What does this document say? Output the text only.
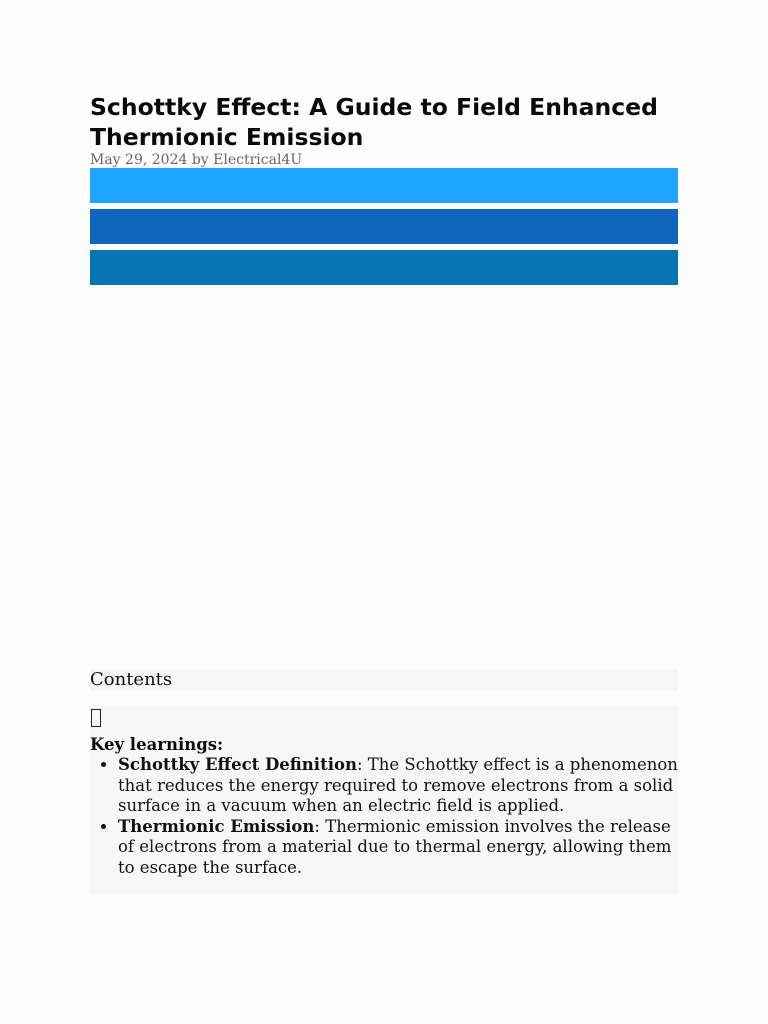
Schottky Effect: A Guide to Field Enhanced Thermionic Emission
May 29, 2024 by Electrical4U
Contents
Key learnings:
• Schottky Effect Definition: The Schottky effect is a phenomenon that reduces the energy required to remove electrons from a solid surface in a vacuum when an electric field is applied.
• Thermionic Emission: Thermionic emission involves the release of electrons from a material due to thermal energy, allowing them to escape the surface.
